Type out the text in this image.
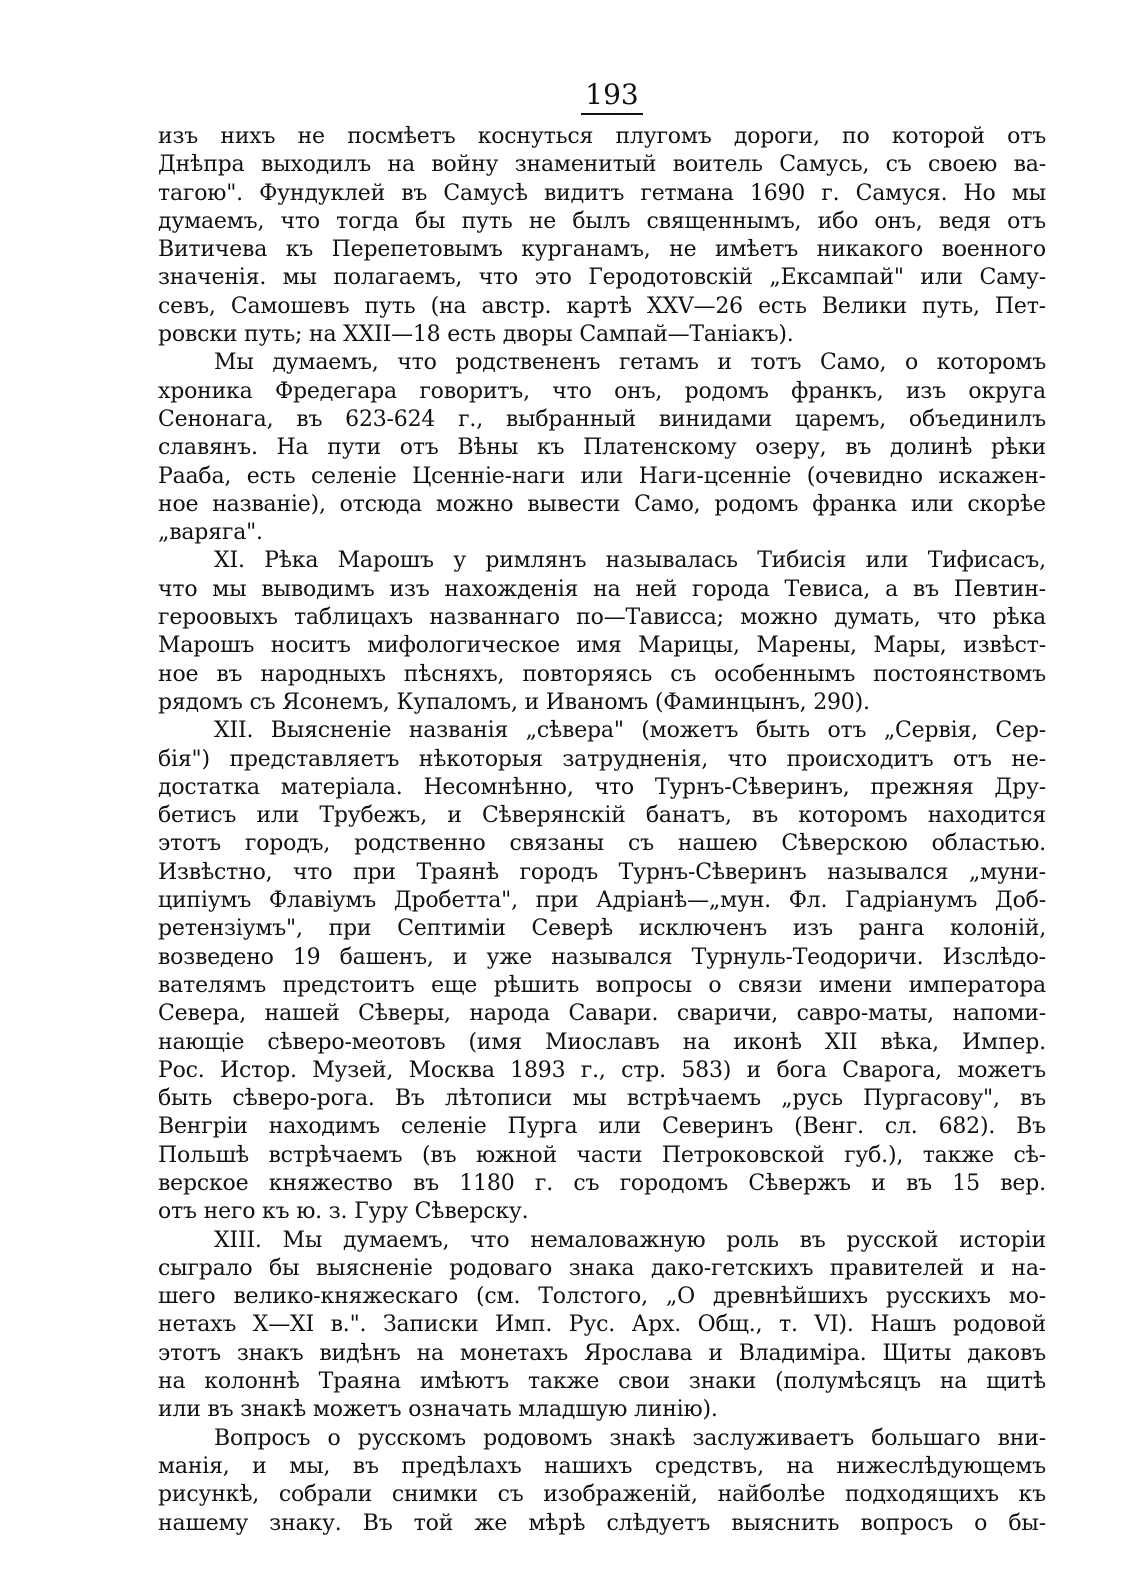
193
изъ нихъ не посмѣетъ коснуться плугомъ дороги, по которой отъ
Днѣпра выходилъ на войну знаменитый воитель Самусь, съ своею ва-
тагою". Фундуклей въ Самусѣ видитъ гетмана 1690 г. Самуся. Но мы
думаемъ, что тогда бы путь не былъ священнымъ, ибо онъ, ведя отъ
Витичева къ Перепетовымъ курганамъ, не имѣетъ никакого военного
значенія. мы полагаемъ, что это Геродотовскій „Ексампай" или Саму-
севъ, Самошевъ путь (на австр. картѣ XXV—26 есть Велики путь, Пет-
ровски путь; на XXII—18 есть дворы Сампай—Таніакъ).
Мы думаемъ, что родствененъ гетамъ и тотъ Само, о которомъ
хроника Фредегара говоритъ, что онъ, родомъ франкъ, изъ округа
Сенонага, въ 623-624 г., выбранный винидами царемъ, объединилъ
славянъ. На пути отъ Вѣны къ Платенскому озеру, въ долинѣ рѣки
Рааба, есть селеніе Цсенніе-наги или Наги-цсенніе (очевидно искажен-
ное названіе), отсюда можно вывести Само, родомъ франка или скорѣе
„варяга".
XI. Рѣка Марошъ у римлянъ называлась Тибисія или Тифисасъ,
что мы выводимъ изъ нахожденія на ней города Тевиса, а въ Певтин-
героовыхъ таблицахъ названнаго по—Тависса; можно думать, что рѣка
Марошъ носитъ мифологическое имя Марицы, Марены, Мары, извѣст-
ное въ народныхъ пѣсняхъ, повторяясь съ особеннымъ постоянствомъ
рядомъ съ Ясонемъ, Купаломъ, и Иваномъ (Фаминцынъ, 290).
XII. Выясненіе названія „сѣвера" (можетъ быть отъ „Сервія, Сер-
бія") представляетъ нѣкоторыя затрудненія, что происходитъ отъ не-
достатка матеріала. Несомнѣнно, что Турнъ-Сѣверинъ, прежняя Дру-
бетисъ или Трубежъ, и Сѣверянскій банатъ, въ которомъ находится
этотъ городъ, родственно связаны съ нашею Сѣверскою областью.
Извѣстно, что при Траянѣ городъ Турнъ-Сѣверинъ назывался „муни-
ципіумъ Флавіумъ Дробетта", при Адріанѣ—„мун. Фл. Гадріанумъ Доб-
ретензіумъ", при Септиміи Северѣ исключенъ изъ ранга колоній,
возведено 19 башенъ, и уже назывался Турнуль-Теодоричи. Изслѣдо-
вателямъ предстоитъ еще рѣшить вопросы о связи имени императора
Севера, нашей Сѣверы, народа Савари. сваричи, савро-маты, напоми-
нающіе сѣверо-меотовъ (имя Миославъ на иконѣ XII вѣка, Импер.
Рос. Истор. Музей, Москва 1893 г., стр. 583) и бога Сварога, можетъ
быть сѣверо-рога. Въ лѣтописи мы встрѣчаемъ „русь Пургасову", въ
Венгріи находимъ селеніе Пурга или Северинъ (Венг. сл. 682). Въ
Польшѣ встрѣчаемъ (въ южной части Петроковской губ.), также сѣ-
верское княжество въ 1180 г. съ городомъ Сѣвержъ и въ 15 вер.
отъ него къ ю. з. Гуру Сѣверску.
XIII. Мы думаемъ, что немаловажную роль въ русской исторіи
сыграло бы выясненіе родоваго знака дако-гетскихъ правителей и на-
шего велико-княжескаго (см. Толстого, „О древнѣйшихъ русскихъ мо-
нетахъ X—XI в.". Записки Имп. Рус. Арх. Общ., т. VI). Нашъ родовой
этотъ знакъ видѣнъ на монетахъ Ярослава и Владиміра. Щиты даковъ
на колоннѣ Траяна имѣютъ также свои знаки (полумѣсяцъ на щитѣ
или въ знакѣ можетъ означать младшую линію).
Вопросъ о русскомъ родовомъ знакѣ заслуживаетъ большаго вни-
манія, и мы, въ предѣлахъ нашихъ средствъ, на нижеслѣдующемъ
рисункѣ, собрали снимки съ изображеній, найболѣе подходящихъ къ
нашему знаку. Въ той же мѣрѣ слѣдуетъ выяснить вопросъ о бы-
